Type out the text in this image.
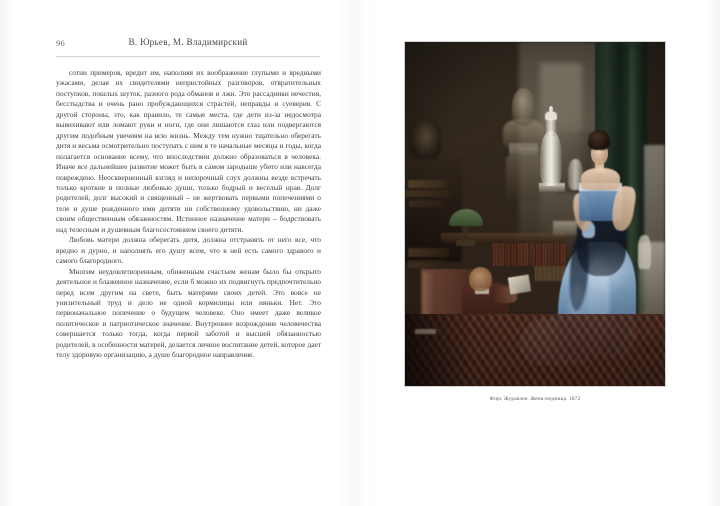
96	В. Юрьев, М. Владимирский

сотни примеров, вредит им, наполняя их воображение глупыми и вредными ужасами, делая их свидетелями непристойных разговоров, отвратительных поступков, пошлых шуток, разного рода обманов и лжи. Это рассадники нечестия, бесстыдства и очень рано пробуждающихся страстей, неправды и суеверия. С другой стороны, это, как правило, те самые места, где дети из-за недосмотра вывихивают или ломают руки и ноги, где они лишаются глаз или подвергаются другим подобным увечиям на всю жизнь. Между тем нужно тщательно оберегать дитя и весьма осмотрительно поступать с ним в те начальные месяцы и годы, когда полагается основание всему, что впоследствии должно образоваться в человека. Иначе все дальнейшее развитие может быть в самом зародыше убито или навсегда повреждено. Неоскверненный взгляд и непорочный слух должны везде встречать только кроткие и полные любовью души, только бодрый и веселый нрав. Долг родителей, долг высокий и священный – не жертвовать первыми попечениями о теле и душе рожденного ими дитяти ни собственному удовольствию, ни даже своим общественным обязанностям. Истинное назначение матери – бодрствовать над телесным и душевным благосостоянием своего дитяти.

Любовь матери должна оберегать дитя, должна отстранять от него все, что вредно и дурно, и наполнять его душу всем, что в ней есть самого здравого и самого благородного.

Многим неудовлетворенным, обиженным счастьем женам было бы открыто деятельное и блаженное назначение, если б можно их подвигнуть предпочтительно перед всем другим на свете, быть матерями своих детей. Это вовсе не унизительный труд и дело не одной кормилицы или няньки. Нет. Это первоначальное попечение о будущем человеке. Оно имеет даже великое политическое и патриотическое значение. Внутреннее возрождение человечества совершается только тогда, когда первой заботой и высшей обязанностью родителей, в особенности матерей, делается личное воспитание детей, которое дает телу здоровую организацию, а душе благородное направление.

Фирс Журавлев. Жена-модница. 1872
Avito
